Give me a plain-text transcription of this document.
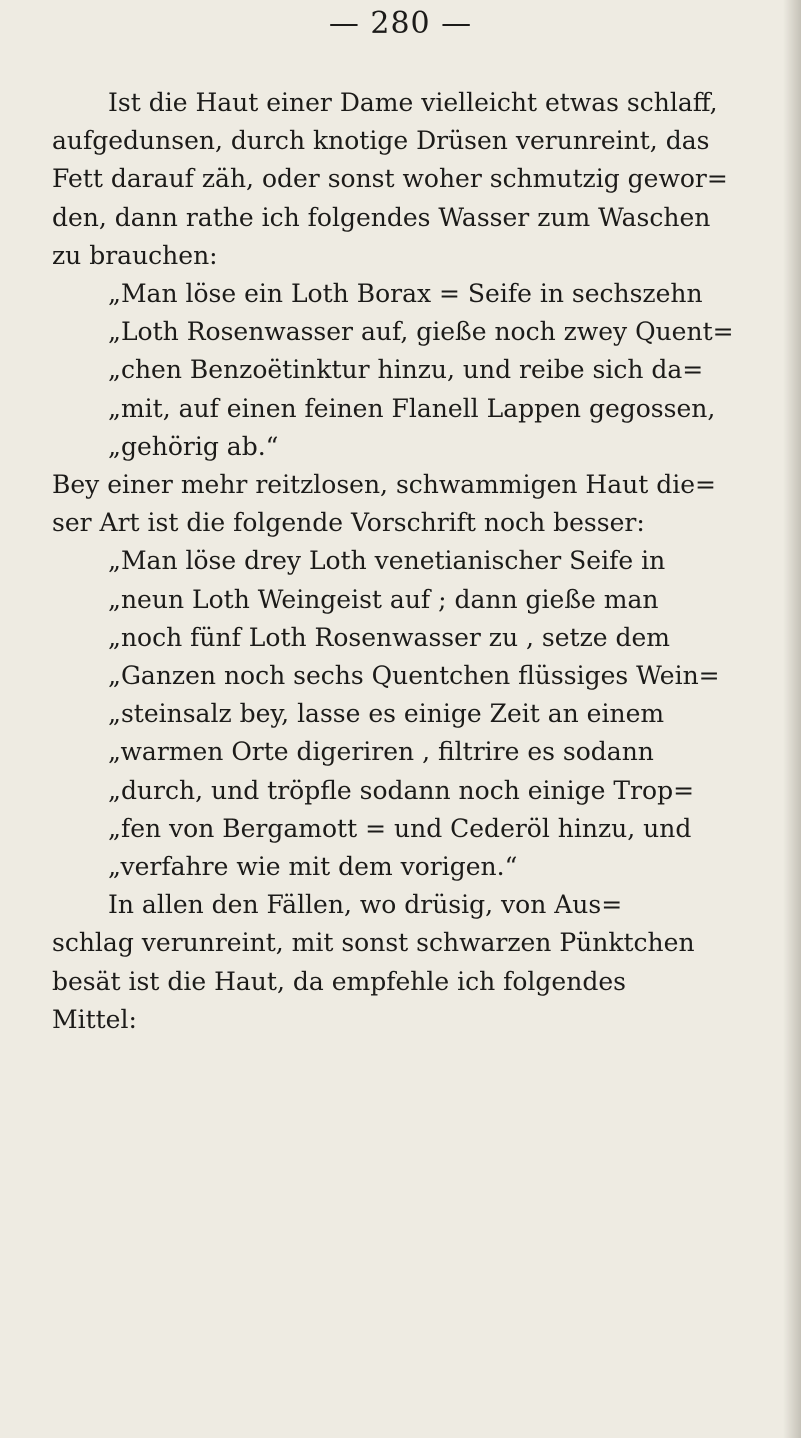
— 280 —
Ist die Haut einer Dame vielleicht etwas schlaff,
aufgedunsen, durch knotige Drüsen verunreint, das
Fett darauf zäh, oder sonst woher schmutzig gewor=
den, dann rathe ich folgendes Wasser zum Waschen
zu brauchen:
„Man löse ein Loth Borax = Seife in sechszehn
„Loth Rosenwasser auf, gieße noch zwey Quent=
„chen Benzoëtinktur hinzu, und reibe sich da=
„mit, auf einen feinen Flanell Lappen gegossen,
„gehörig ab.“
Bey einer mehr reitzlosen, schwammigen Haut die=
ser Art ist die folgende Vorschrift noch besser:
„Man löse drey Loth venetianischer Seife in
„neun Loth Weingeist auf ; dann gieße man
„noch fünf Loth Rosenwasser zu , setze dem
„Ganzen noch sechs Quentchen flüssiges Wein=
„steinsalz bey, lasse es einige Zeit an einem
„warmen Orte digeriren , filtrire es sodann
„durch, und tröpfle sodann noch einige Trop=
„fen von Bergamott = und Cederöl hinzu, und
„verfahre wie mit dem vorigen.“
In allen den Fällen, wo drüsig, von Aus=
schlag verunreint, mit sonst schwarzen Pünktchen
besät ist die Haut, da empfehle ich folgendes
Mittel:
